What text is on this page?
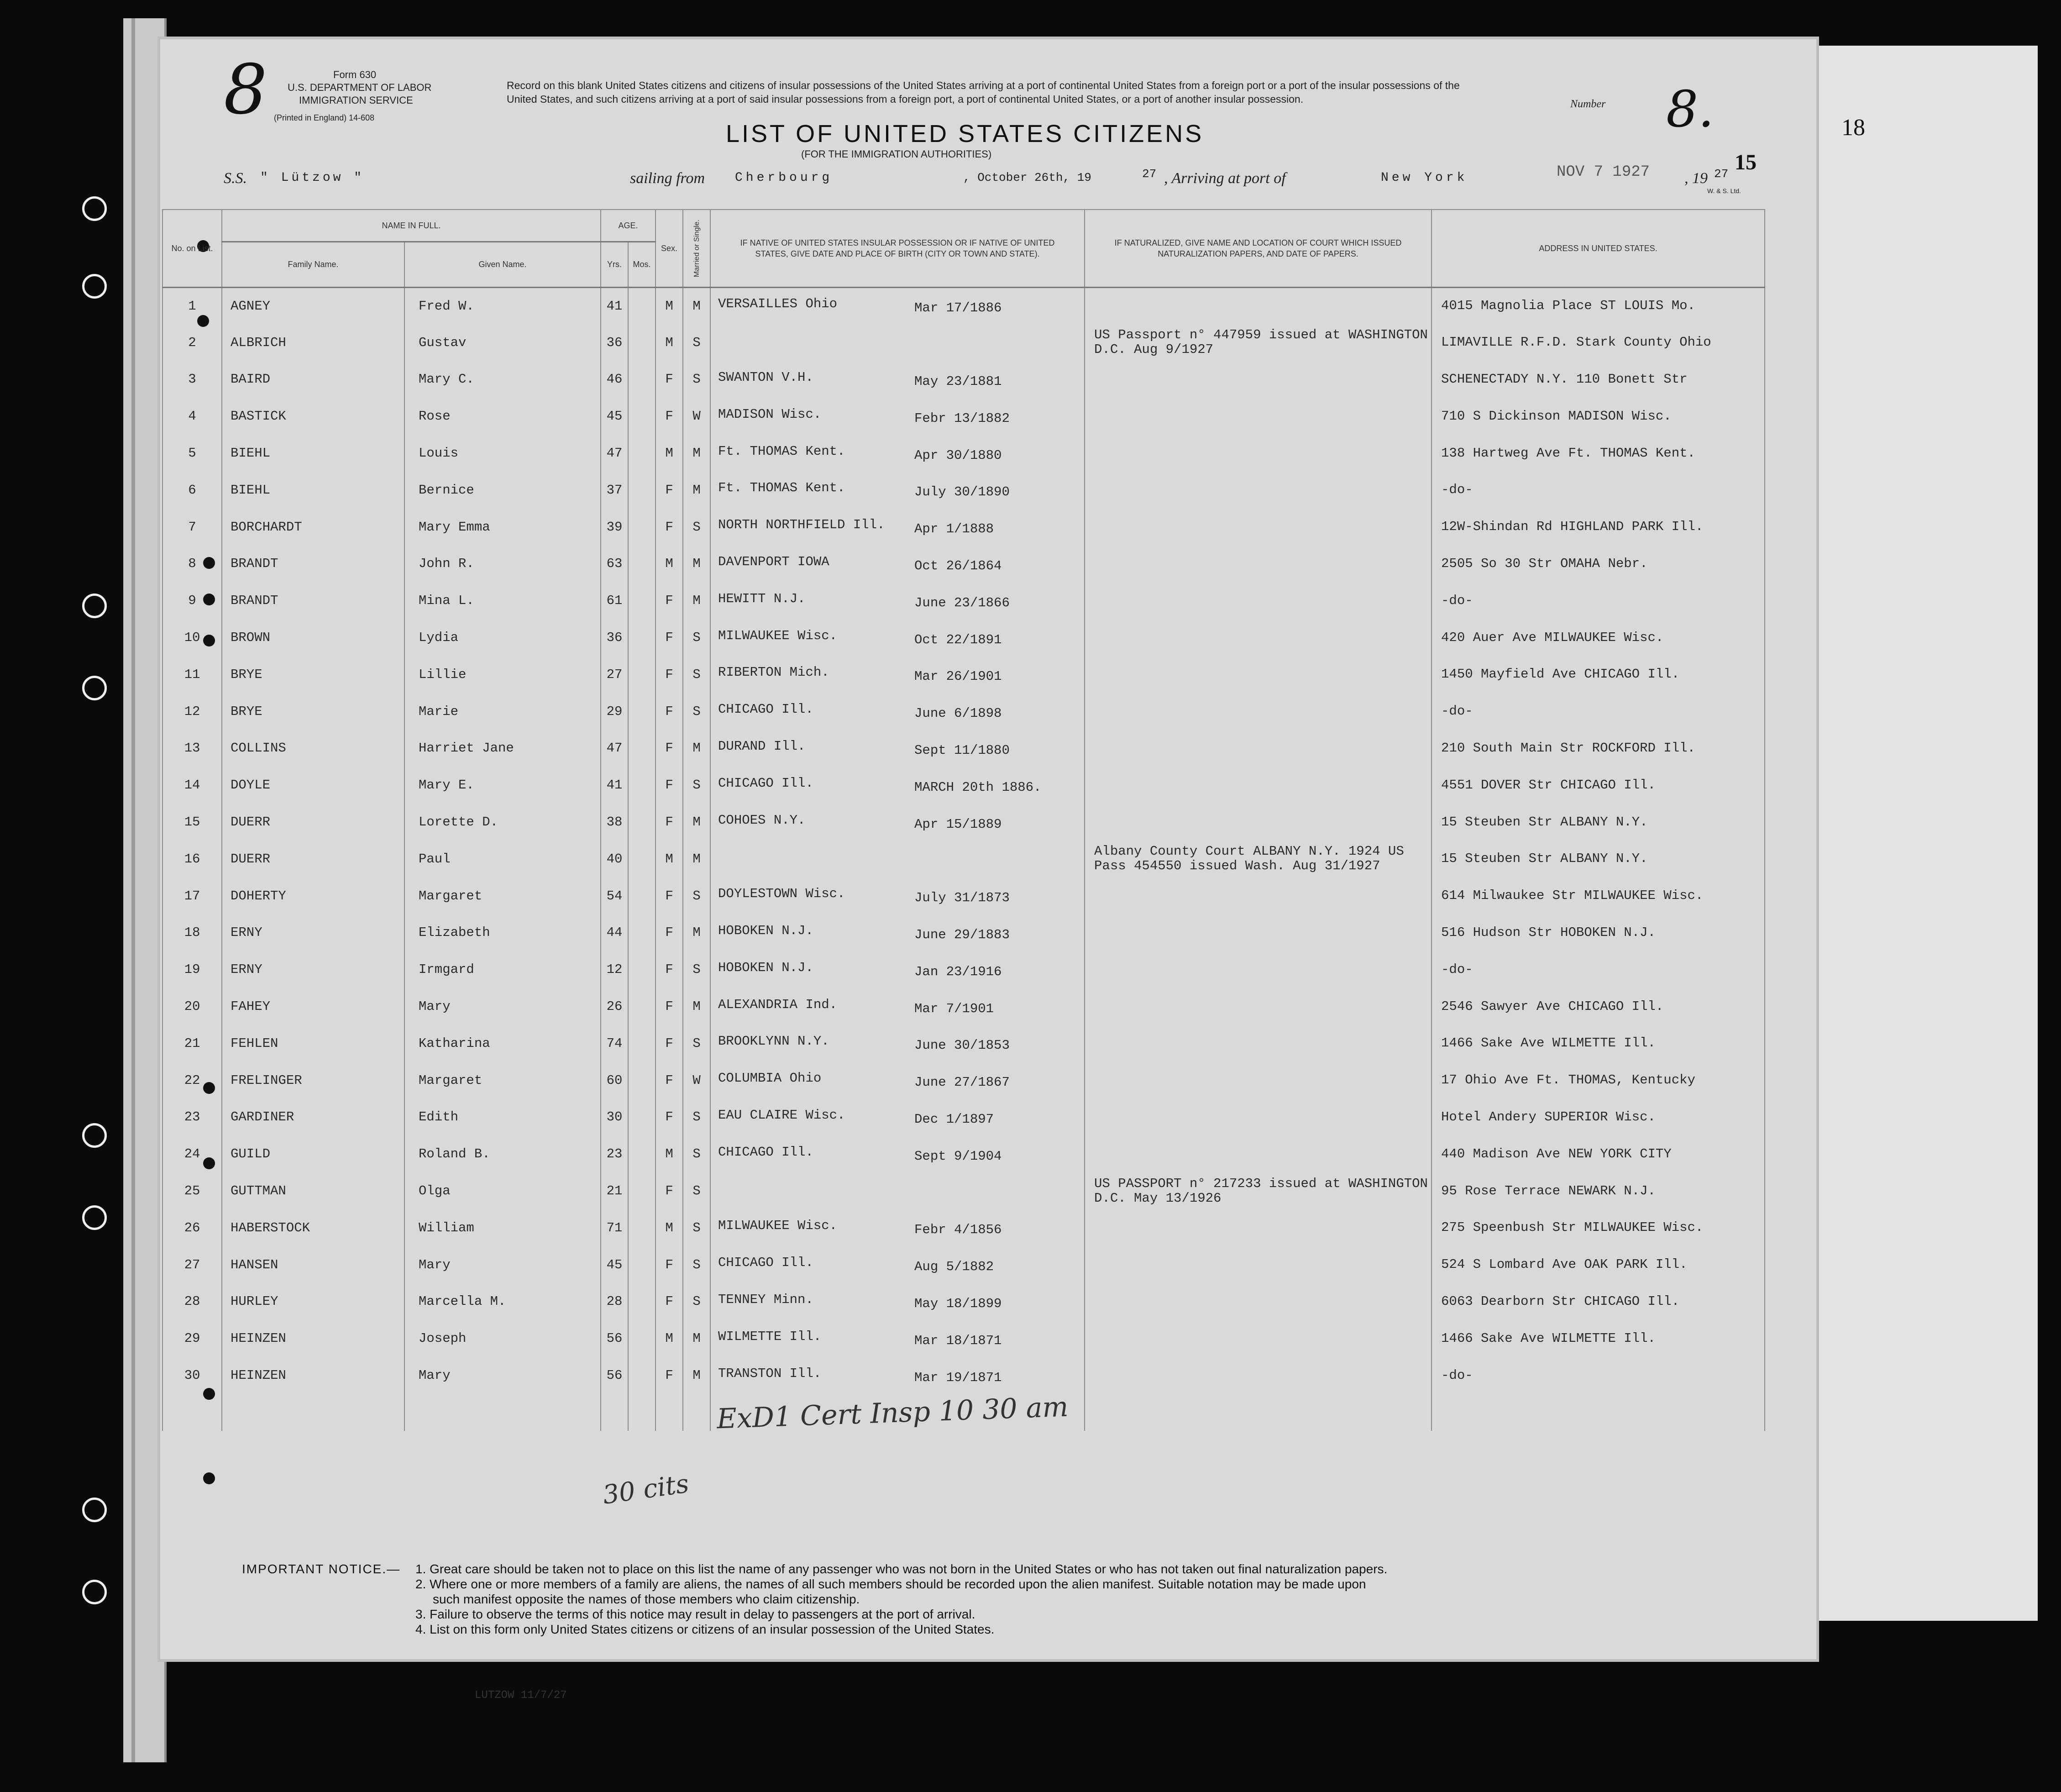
18
Form 630
U.S. DEPARTMENT OF LABOR
IMMIGRATION SERVICE
(Printed in England) 14-608
8	Record on this blank United States citizens and citizens of insular possessions of the United States arriving at a port of continental United States from a foreign port or a port of the insular possessions of the United States, and such citizens arriving at a port of said insular possessions from a foreign port, a port of continental United States, or a port of another insular possession.
LIST OF UNITED STATES CITIZENS
(FOR THE IMMIGRATION AUTHORITIES)
Number 8.
15
S.S. " Lützow "	sailing from Cherbourg	, October 26th, 19	27 , Arriving at port of	New York	NOV 7 1927 , 19 27
W. & S. Ltd.
No. on List.	NAME IN FULL.		AGE.		Sex.	Married or Single.	IF NATIVE OF UNITED STATES INSULAR POSSESSION OR IF NATIVE OF UNITED STATES, GIVE DATE AND PLACE OF BIRTH (CITY OR TOWN AND STATE).	IF NATURALIZED, GIVE NAME AND LOCATION OF COURT WHICH ISSUED NATURALIZATION PAPERS, AND DATE OF PAPERS.	ADDRESS IN UNITED STATES.
	Family Name.	Given Name.	Yrs.	Mos.					
1	AGNEY	Fred W.	41		M	M	VERSAILLES Ohio Mar 17/1886		4015 Magnolia Place ST LOUIS Mo.
2	ALBRICH	Gustav	36		M	S		US Passport n° 447959 issued at WASHINGTON D.C. Aug 9/1927	LIMAVILLE R.F.D. Stark County Ohio
3	BAIRD	Mary C.	46		F	S	SWANTON V.H. May 23/1881		SCHENECTADY N.Y. 110 Bonett Str
4	BASTICK	Rose	45		F	W	MADISON Wisc. Febr 13/1882		710 S Dickinson MADISON Wisc.
5	BIEHL	Louis	47		M	M	Ft. THOMAS Kent. Apr 30/1880		138 Hartweg Ave Ft. THOMAS Kent.
6	BIEHL	Bernice	37		F	M	Ft. THOMAS Kent. July 30/1890		-do-
7	BORCHARDT	Mary Emma	39		F	S	NORTH NORTHFIELD Ill. Apr 1/1888		12W-Shindan Rd HIGHLAND PARK Ill.
8	BRANDT	John R.	63		M	M	DAVENPORT IOWA Oct 26/1864		2505 So 30 Str OMAHA Nebr.
9	BRANDT	Mina L.	61		F	M	HEWITT N.J. June 23/1866		-do-
10	BROWN	Lydia	36		F	S	MILWAUKEE Wisc. Oct 22/1891		420 Auer Ave MILWAUKEE Wisc.
11	BRYE	Lillie	27		F	S	RIBERTON Mich. Mar 26/1901		1450 Mayfield Ave CHICAGO Ill.
12	BRYE	Marie	29		F	S	CHICAGO Ill. June 6/1898		-do-
13	COLLINS	Harriet Jane	47		F	M	DURAND Ill. Sept 11/1880		210 South Main Str ROCKFORD Ill.
14	DOYLE	Mary E.	41		F	S	CHICAGO Ill. MARCH 20th 1886.		4551 DOVER Str CHICAGO Ill.
15	DUERR	Lorette D.	38		F	M	COHOES N.Y. Apr 15/1889		15 Steuben Str ALBANY N.Y.
16	DUERR	Paul	40		M	M		Albany County Court ALBANY N.Y. 1924 US Pass 454550 issued Wash. Aug 31/1927	15 Steuben Str ALBANY N.Y.
17	DOHERTY	Margaret	54		F	S	DOYLESTOWN Wisc. July 31/1873		614 Milwaukee Str MILWAUKEE Wisc.
18	ERNY	Elizabeth	44		F	M	HOBOKEN N.J. June 29/1883		516 Hudson Str HOBOKEN N.J.
19	ERNY	Irmgard	12		F	S	HOBOKEN N.J. Jan 23/1916		-do-
20	FAHEY	Mary	26		F	M	ALEXANDRIA Ind. Mar 7/1901		2546 Sawyer Ave CHICAGO Ill.
21	FEHLEN	Katharina	74		F	S	BROOKLYNN N.Y. June 30/1853		1466 Sake Ave WILMETTE Ill.
22	FRELINGER	Margaret	60		F	W	COLUMBIA Ohio June 27/1867		17 Ohio Ave Ft. THOMAS, Kentucky
23	GARDINER	Edith	30		F	S	EAU CLAIRE Wisc. Dec 1/1897		Hotel Andery SUPERIOR Wisc.
24	GUILD	Roland B.	23		M	S	CHICAGO Ill. Sept 9/1904		440 Madison Ave NEW YORK CITY
25	GUTTMAN	Olga	21		F	S		US PASSPORT n° 217233 issued at WASHINGTON D.C. May 13/1926	95 Rose Terrace NEWARK N.J.
26	HABERSTOCK	William	71		M	S	MILWAUKEE Wisc. Febr 4/1856		275 Speenbush Str MILWAUKEE Wisc.
27	HANSEN	Mary	45		F	S	CHICAGO Ill. Aug 5/1882		524 S Lombard Ave OAK PARK Ill.
28	HURLEY	Marcella M.	28		F	S	TENNEY Minn. May 18/1899		6063 Dearborn Str CHICAGO Ill.
29	HEINZEN	Joseph	56		M	M	WILMETTE Ill. Mar 18/1871		1466 Sake Ave WILMETTE Ill.
30	HEINZEN	Mary	56		F	M	TRANSTON Ill. Mar 19/1871		-do-

ExD1 Cert Insp 10 30 am
30 cits
IMPORTANT NOTICE.— 1. Great care should be taken not to place on this list the name of any passenger who was not born in the United States or who has not taken out final naturalization papers.
2. Where one or more members of a family are aliens, the names of all such members should be recorded upon the alien manifest. Suitable notation may be made upon
such manifest opposite the names of those members who claim citizenship.
3. Failure to observe the terms of this notice may result in delay to passengers at the port of arrival.
4. List on this form only United States citizens or citizens of an insular possession of the United States.
LUTZOW 11/7/27
